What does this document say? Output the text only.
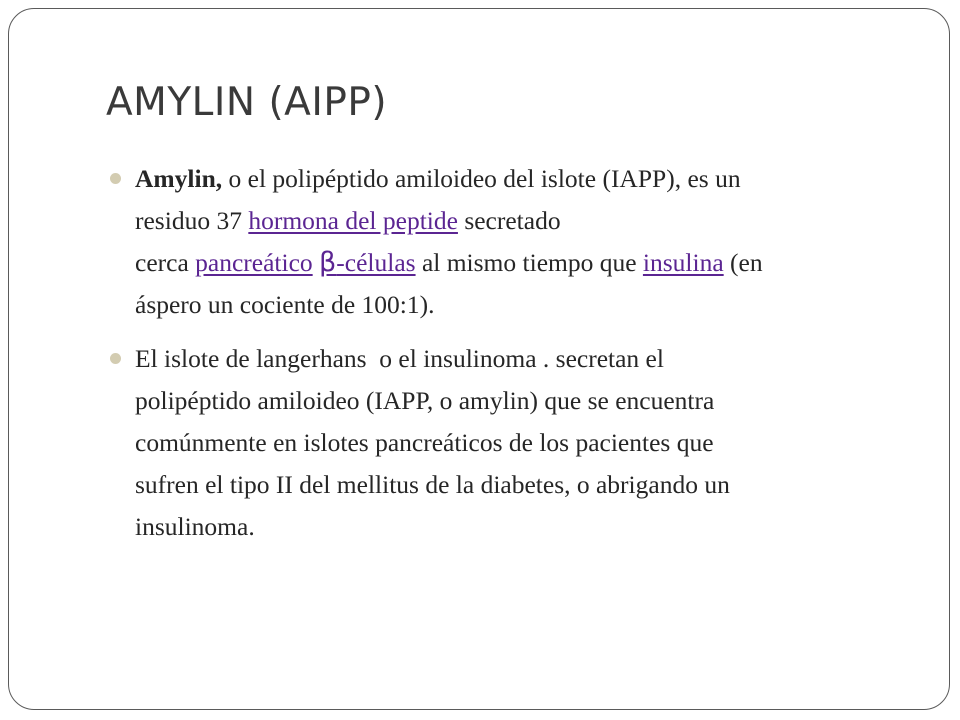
AMYLIN (AIPP)
Amylin, o el polipéptido amiloideo del islote (IAPP), es un
residuo 37 hormona del peptide secretado
cerca pancreático β-células al mismo tiempo que insulina (en
áspero un cociente de 100:1).
El islote de langerhans  o el insulinoma . secretan el
polipéptido amiloideo (IAPP, o amylin) que se encuentra
comúnmente en islotes pancreáticos de los pacientes que
sufren el tipo II del mellitus de la diabetes, o abrigando un
insulinoma.
